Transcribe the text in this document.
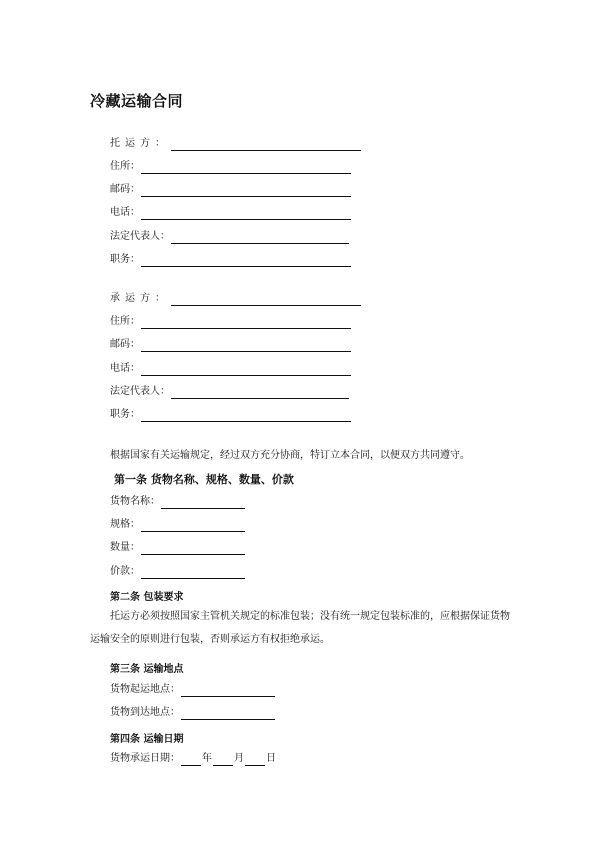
冷藏运输合同
托运方：
住所：
邮码：
电话：
法定代表人：
职务：
承运方：
住所：
邮码：
电话：
法定代表人：
职务：
根据国家有关运输规定，经过双方充分协商，特订立本合同，以便双方共同遵守。
第一条 货物名称、规格、数量、价款
货物名称：
规格：
数量：
价款：
第二条 包装要求
托运方必须按照国家主管机关规定的标准包装；没有统一规定包装标准的，应根据保证货物运输安全的原则进行包装，否则承运方有权拒绝承运。
第三条 运输地点
货物起运地点：
货物到达地点：
第四条 运输日期
货物承运日期： 年 月 日
